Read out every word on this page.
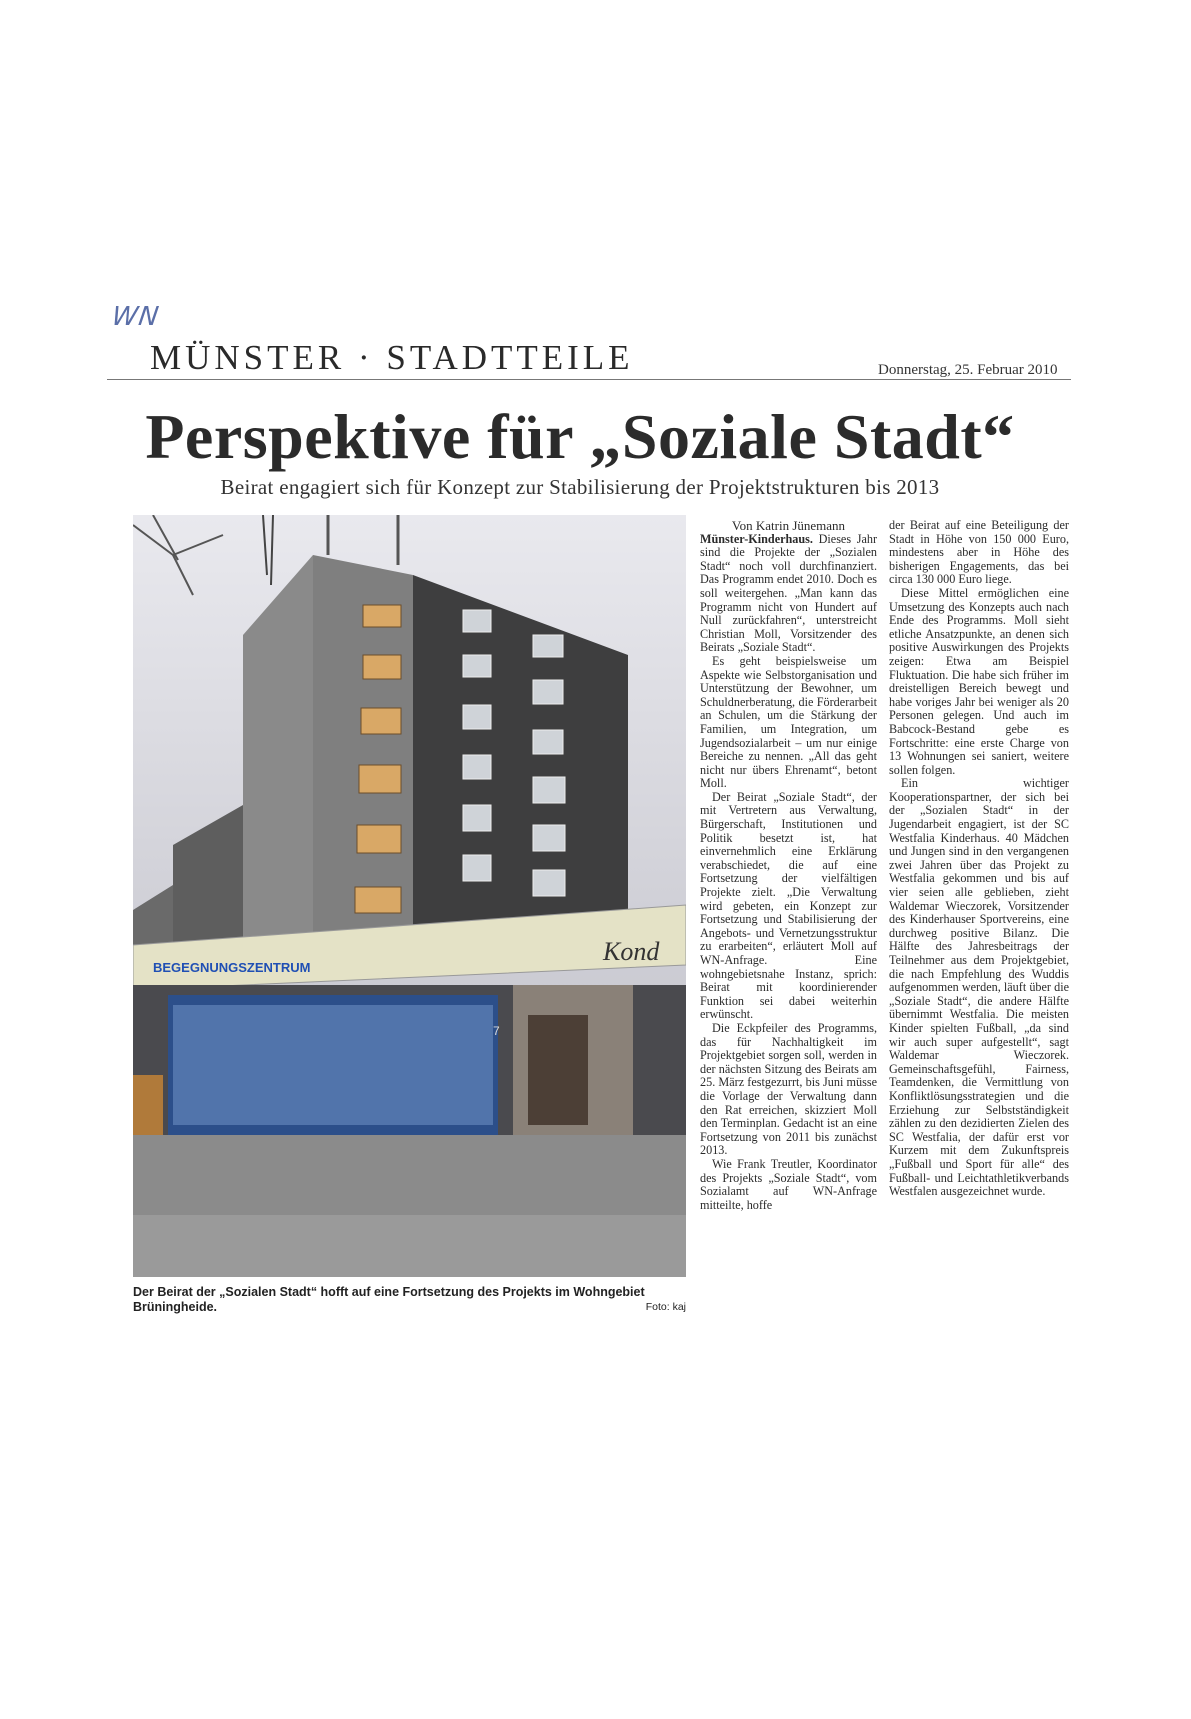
WN
MÜNSTER · STADTTEILE	Donnerstag, 25. Februar 2010
Perspektive für „Soziale Stadt“
Beirat engagiert sich für Konzept zur Stabilisierung der Projektstrukturen bis 2013
BEGEGNUNGSZENTRUM
Kond
7
Der Beirat der „Sozialen Stadt“ hofft auf eine Fortsetzung des Projekts im Wohngebiet Brüningheide.	Foto: kaj

Von Katrin Jünemann

Münster-Kinderhaus. Dieses Jahr sind die Projekte der „Sozialen Stadt“ noch voll durchfinanziert. Das Programm endet 2010. Doch es soll weitergehen. „Man kann das Programm nicht von Hundert auf Null zurückfahren“, unterstreicht Christian Moll, Vorsitzender des Beirats „Soziale Stadt“.

Es geht beispielsweise um Aspekte wie Selbstorganisation und Unterstützung der Bewohner, um Schuldnerberatung, die Förderarbeit an Schulen, um die Stärkung der Familien, um Integration, um Jugendsozialarbeit – um nur einige Bereiche zu nennen. „All das geht nicht nur übers Ehrenamt“, betont Moll.

Der Beirat „Soziale Stadt“, der mit Vertretern aus Verwaltung, Bürgerschaft, Institutionen und Politik besetzt ist, hat einvernehmlich eine Erklärung verabschiedet, die auf eine Fortsetzung der vielfältigen Projekte zielt. „Die Verwaltung wird gebeten, ein Konzept zur Fortsetzung und Stabilisierung der Angebots- und Vernetzungsstruktur zu erarbeiten“, erläutert Moll auf WN-Anfrage. Eine wohngebietsnahe Instanz, sprich: Beirat mit koordinierender Funktion sei dabei weiterhin erwünscht.

Die Eckpfeiler des Programms, das für Nachhaltigkeit im Projektgebiet sorgen soll, werden in der nächsten Sitzung des Beirats am 25. März festgezurrt, bis Juni müsse die Vorlage der Verwaltung dann den Rat erreichen, skizziert Moll den Terminplan. Gedacht ist an eine Fortsetzung von 2011 bis zunächst 2013.

Wie Frank Treutler, Koordinator des Projekts „Soziale Stadt“, vom Sozialamt auf WN-Anfrage mitteilte, hoffe

der Beirat auf eine Beteiligung der Stadt in Höhe von 150 000 Euro, mindestens aber in Höhe des bisherigen Engagements, das bei circa 130 000 Euro liege.

Diese Mittel ermöglichen eine Umsetzung des Konzepts auch nach Ende des Programms. Moll sieht etliche Ansatzpunkte, an denen sich positive Auswirkungen des Projekts zeigen: Etwa am Beispiel Fluktuation. Die habe sich früher im dreistelligen Bereich bewegt und habe voriges Jahr bei weniger als 20 Personen gelegen. Und auch im Babcock-Bestand gebe es Fortschritte: eine erste Charge von 13 Wohnungen sei saniert, weitere sollen folgen.

Ein wichtiger Kooperationspartner, der sich bei der „Sozialen Stadt“ in der Jugendarbeit engagiert, ist der SC Westfalia Kinderhaus. 40 Mädchen und Jungen sind in den vergangenen zwei Jahren über das Projekt zu Westfalia gekommen und bis auf vier seien alle geblieben, zieht Waldemar Wieczorek, Vorsitzender des Kinderhauser Sportvereins, eine durchweg positive Bilanz. Die Hälfte des Jahresbeitrags der Teilnehmer aus dem Projektgebiet, die nach Empfehlung des Wuddis aufgenommen werden, läuft über die „Soziale Stadt“, die andere Hälfte übernimmt Westfalia. Die meisten Kinder spielten Fußball, „da sind wir auch super aufgestellt“, sagt Waldemar Wieczorek. Gemeinschaftsgefühl, Fairness, Teamdenken, die Vermittlung von Konfliktlösungsstrategien und die Erziehung zur Selbstständigkeit zählen zu den dezidierten Zielen des SC Westfalia, der dafür erst vor Kurzem mit dem Zukunftspreis „Fußball und Sport für alle“ des Fußball- und Leichtathletikverbands Westfalen ausgezeichnet wurde.
